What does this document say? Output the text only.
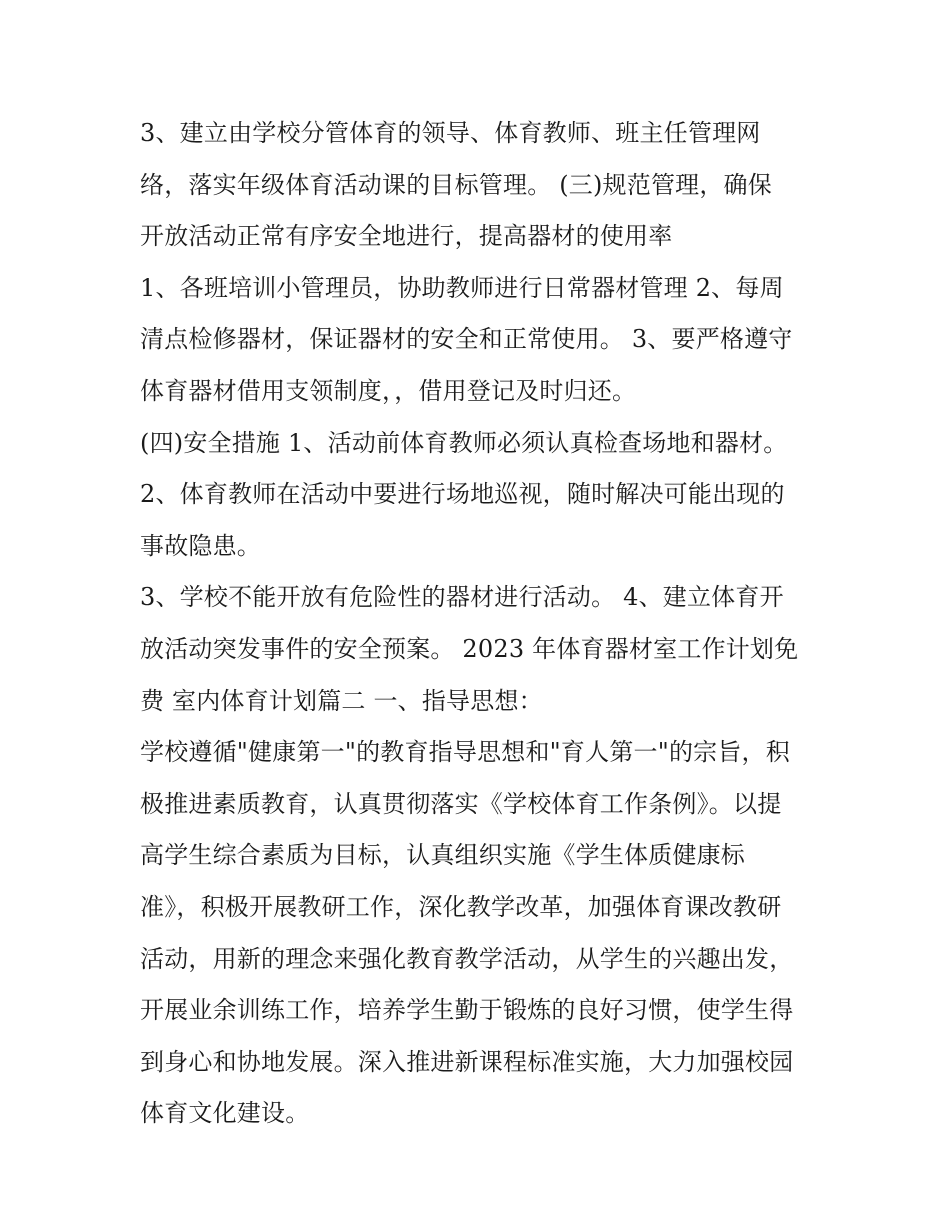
3、建立由学校分管体育的领导、体育教师、班主任管理网
络，落实年级体育活动课的目标管理。 (三)规范管理，确保
开放活动正常有序安全地进行，提高器材的使用率
1、各班培训小管理员，协助教师进行日常器材管理 2、每周
清点检修器材，保证器材的安全和正常使用。 3、要严格遵守
体育器材借用支领制度，，借用登记及时归还。
(四)安全措施 1、活动前体育教师必须认真检查场地和器材。
2、体育教师在活动中要进行场地巡视，随时解决可能出现的
事故隐患。
3、学校不能开放有危险性的器材进行活动。 4、建立体育开
放活动突发事件的安全预案。 2023 年体育器材室工作计划免
费 室内体育计划篇二 一、指导思想：
学校遵循"健康第一"的教育指导思想和"育人第一"的宗旨，积
极推进素质教育，认真贯彻落实《学校体育工作条例》。以提
高学生综合素质为目标，认真组织实施《学生体质健康标
准》，积极开展教研工作，深化教学改革，加强体育课改教研
活动，用新的理念来强化教育教学活动，从学生的兴趣出发，
开展业余训练工作，培养学生勤于锻炼的良好习惯，使学生得
到身心和协地发展。深入推进新课程标准实施，大力加强校园
体育文化建设。
